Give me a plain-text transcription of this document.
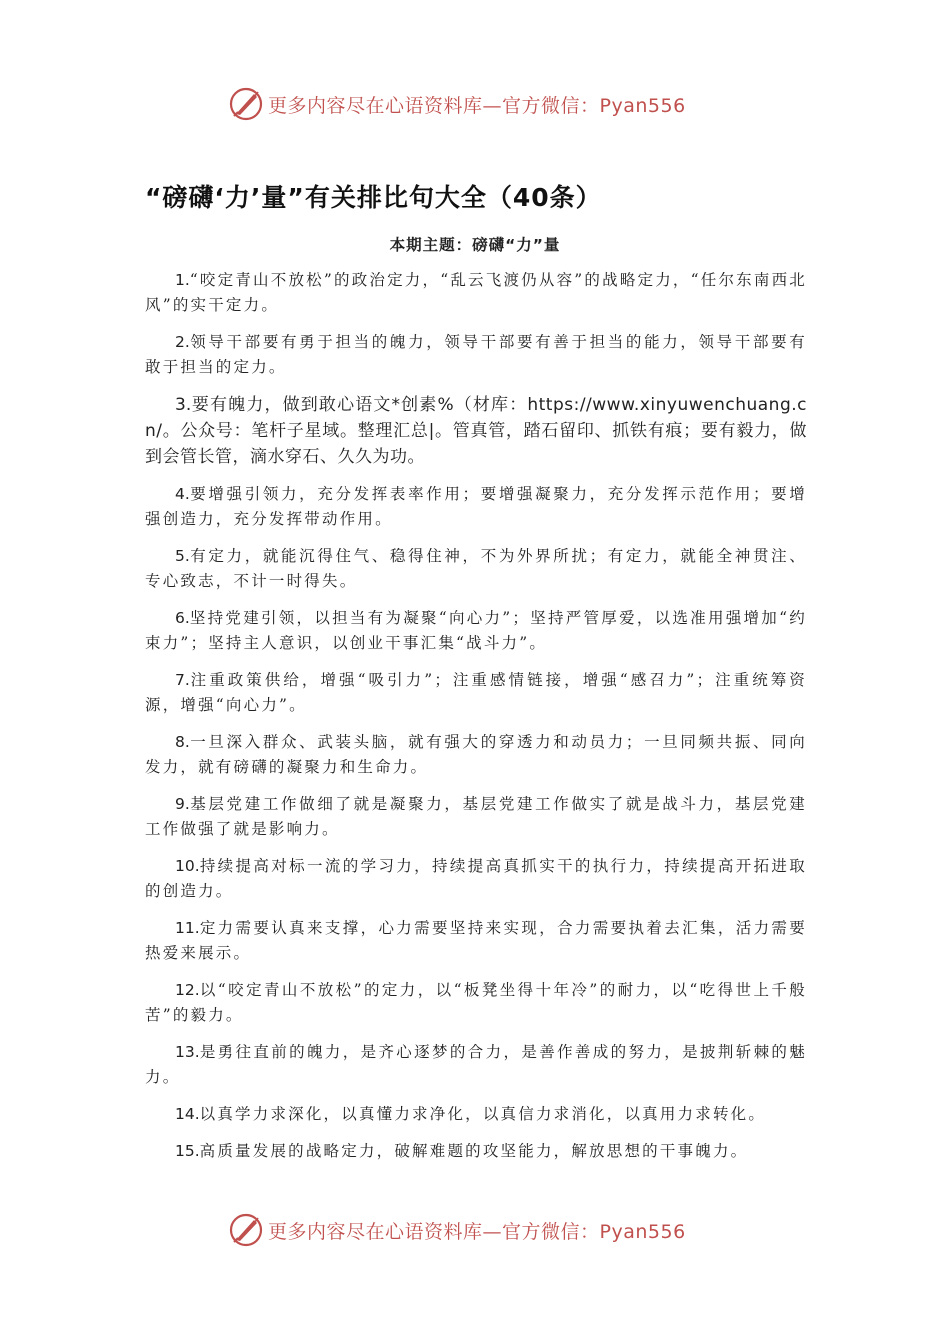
更多内容尽在心语资料库—官方微信：Pyan556
“磅礴‘力’量”有关排比句大全（40条）
本期主题：磅礴“力”量

1.“咬定青山不放松”的政治定力，“乱云飞渡仍从容”的战略定力，“任尔东南西北风”的实干定力。

2.领导干部要有勇于担当的魄力，领导干部要有善于担当的能力，领导干部要有敢于担当的定力。

3.要有魄力，做到敢心语文*创素%（材库：https://www.xinyuwenchuang.cn/。公众号：笔杆子星域。整理汇总|。管真管，踏石留印、抓铁有痕；要有毅力，做到会管长管，滴水穿石、久久为功。

4.要增强引领力，充分发挥表率作用；要增强凝聚力，充分发挥示范作用；要增强创造力，充分发挥带动作用。

5.有定力，就能沉得住气、稳得住神，不为外界所扰；有定力，就能全神贯注、专心致志，不计一时得失。

6.坚持党建引领，以担当有为凝聚“向心力”；坚持严管厚爱，以选准用强增加“约束力”；坚持主人意识，以创业干事汇集“战斗力”。

7.注重政策供给，增强“吸引力”；注重感情链接，增强“感召力”；注重统筹资源，增强“向心力”。

8.一旦深入群众、武装头脑，就有强大的穿透力和动员力；一旦同频共振、同向发力，就有磅礴的凝聚力和生命力。

9.基层党建工作做细了就是凝聚力，基层党建工作做实了就是战斗力，基层党建工作做强了就是影响力。

10.持续提高对标一流的学习力，持续提高真抓实干的执行力，持续提高开拓进取的创造力。

11.定力需要认真来支撑，心力需要坚持来实现，合力需要执着去汇集，活力需要热爱来展示。

12.以“咬定青山不放松”的定力，以“板凳坐得十年冷”的耐力，以“吃得世上千般苦”的毅力。

13.是勇往直前的魄力，是齐心逐梦的合力，是善作善成的努力，是披荆斩棘的魅力。

14.以真学力求深化，以真懂力求净化，以真信力求消化，以真用力求转化。

15.高质量发展的战略定力，破解难题的攻坚能力，解放思想的干事魄力。

更多内容尽在心语资料库—官方微信：Pyan556
